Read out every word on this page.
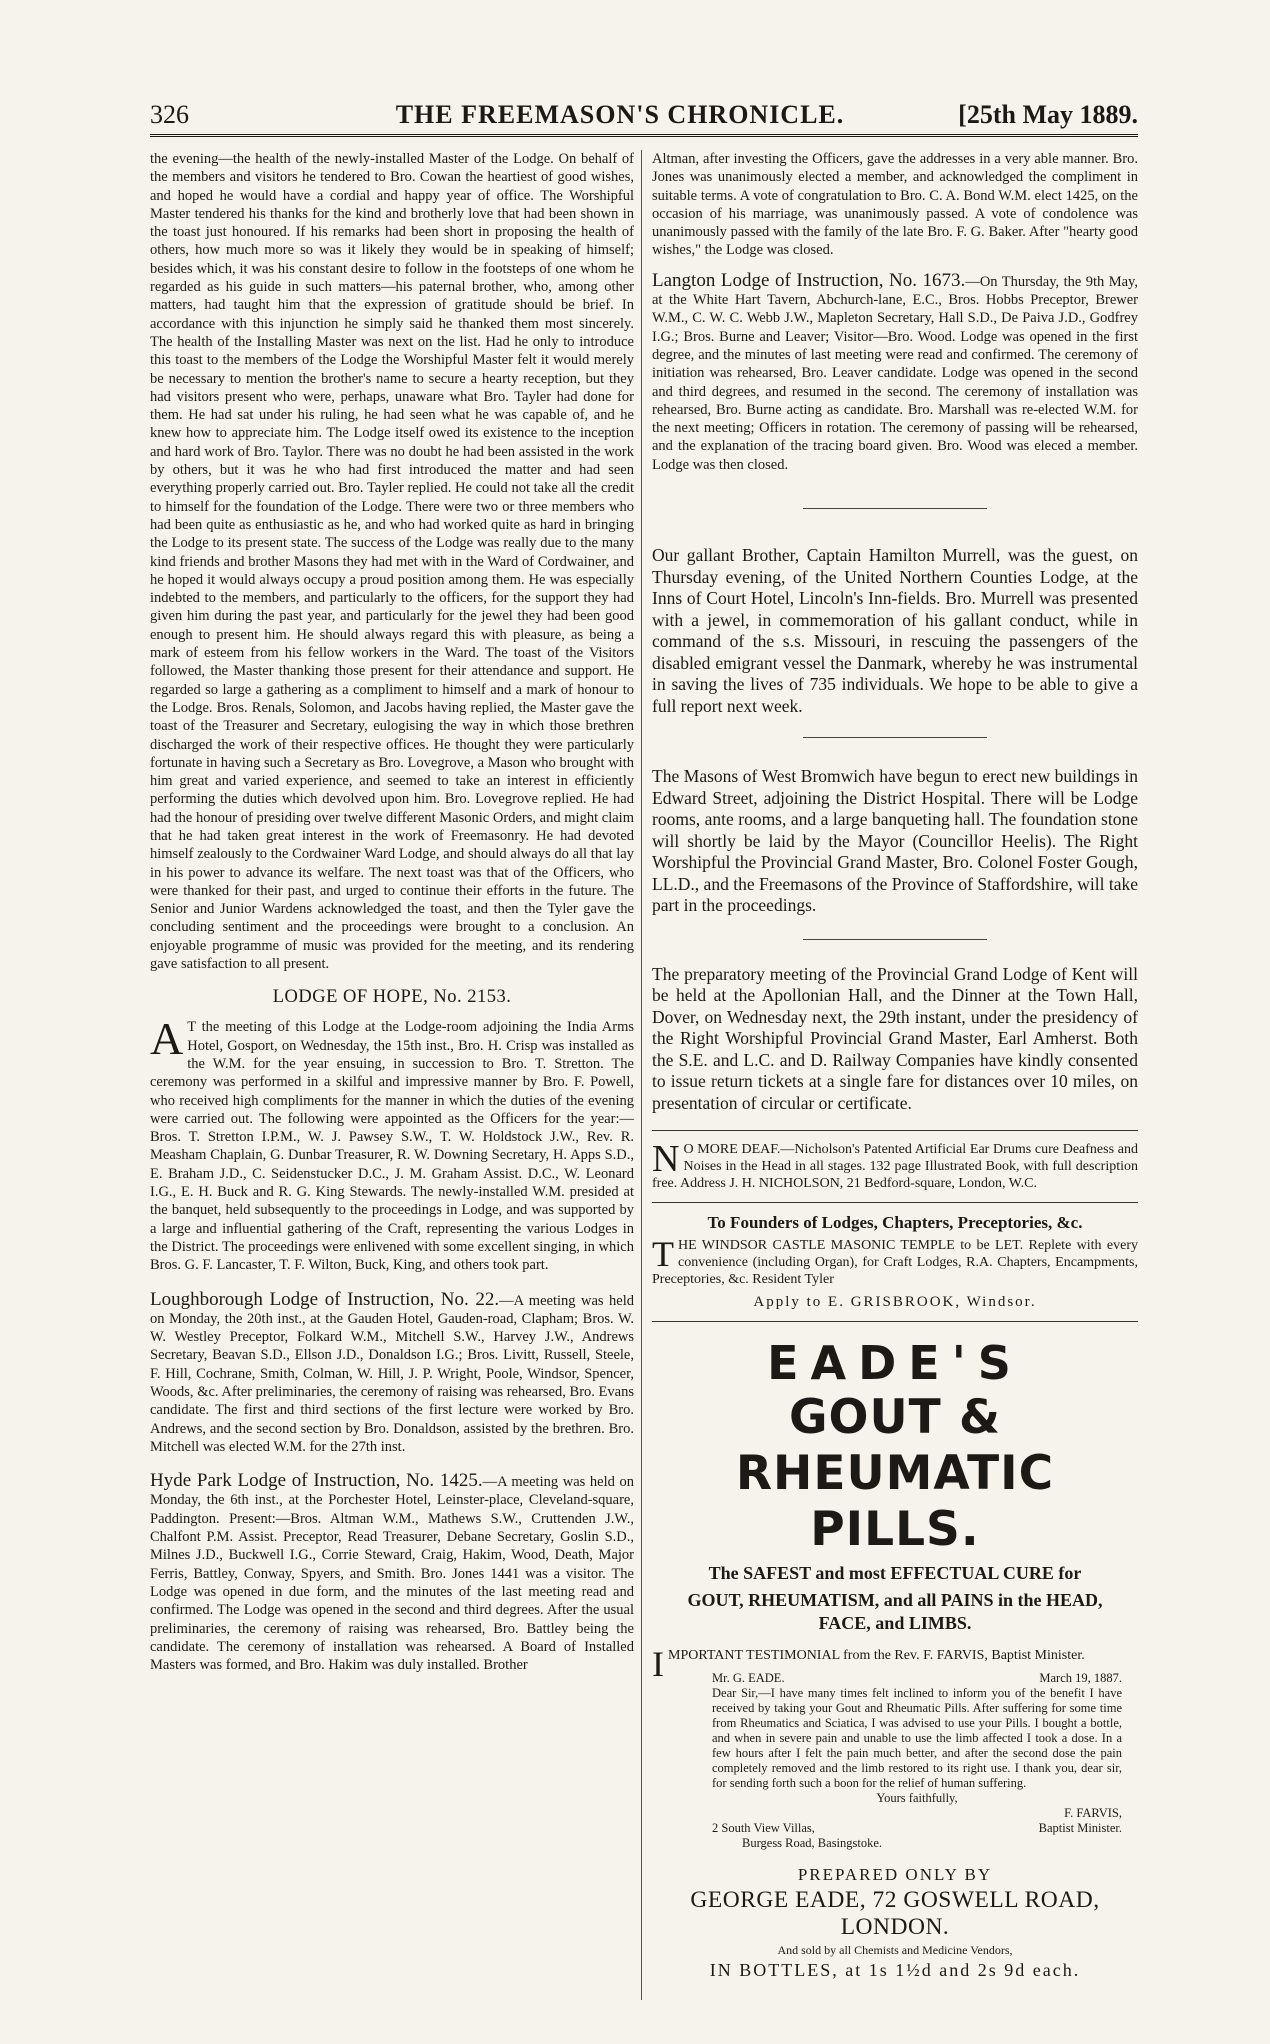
326	THE FREEMASON'S CHRONICLE.	[25th May 1889.

the evening—the health of the newly-installed Master of the Lodge. On behalf of the members and visitors he tendered to Bro. Cowan the heartiest of good wishes, and hoped he would have a cordial and happy year of office. The Worshipful Master tendered his thanks for the kind and brotherly love that had been shown in the toast just honoured. If his remarks had been short in proposing the health of others, how much more so was it likely they would be in speaking of himself; besides which, it was his constant desire to follow in the footsteps of one whom he regarded as his guide in such matters—his paternal brother, who, among other matters, had taught him that the expression of gratitude should be brief. In accordance with this injunction he simply said he thanked them most sincerely. The health of the Installing Master was next on the list. Had he only to introduce this toast to the members of the Lodge the Worshipful Master felt it would merely be necessary to mention the brother's name to secure a hearty reception, but they had visitors present who were, perhaps, unaware what Bro. Tayler had done for them. He had sat under his ruling, he had seen what he was capable of, and he knew how to appreciate him. The Lodge itself owed its existence to the inception and hard work of Bro. Taylor. There was no doubt he had been assisted in the work by others, but it was he who had first introduced the matter and had seen everything properly carried out. Bro. Tayler replied. He could not take all the credit to himself for the foundation of the Lodge. There were two or three members who had been quite as enthusiastic as he, and who had worked quite as hard in bringing the Lodge to its present state. The success of the Lodge was really due to the many kind friends and brother Masons they had met with in the Ward of Cordwainer, and he hoped it would always occupy a proud position among them. He was especially indebted to the members, and particularly to the officers, for the support they had given him during the past year, and particularly for the jewel they had been good enough to present him. He should always regard this with pleasure, as being a mark of esteem from his fellow workers in the Ward. The toast of the Visitors followed, the Master thanking those present for their attendance and support. He regarded so large a gathering as a compliment to himself and a mark of honour to the Lodge. Bros. Renals, Solomon, and Jacobs having replied, the Master gave the toast of the Treasurer and Secretary, eulogising the way in which those brethren discharged the work of their respective offices. He thought they were particularly fortunate in having such a Secretary as Bro. Lovegrove, a Mason who brought with him great and varied experience, and seemed to take an interest in efficiently performing the duties which devolved upon him. Bro. Lovegrove replied. He had had the honour of presiding over twelve different Masonic Orders, and might claim that he had taken great interest in the work of Freemasonry. He had devoted himself zealously to the Cordwainer Ward Lodge, and should always do all that lay in his power to advance its welfare. The next toast was that of the Officers, who were thanked for their past, and urged to continue their efforts in the future. The Senior and Junior Wardens acknowledged the toast, and then the Tyler gave the concluding sentiment and the proceedings were brought to a conclusion. An enjoyable programme of music was provided for the meeting, and its rendering gave satisfaction to all present.

LODGE OF HOPE, No. 2153.

A T the meeting of this Lodge at the Lodge-room adjoining the India Arms Hotel, Gosport, on Wednesday, the 15th inst., Bro. H. Crisp was installed as the W.M. for the year ensuing, in succession to Bro. T. Stretton. The ceremony was performed in a skilful and impressive manner by Bro. F. Powell, who received high compliments for the manner in which the duties of the evening were carried out. The following were appointed as the Officers for the year:—Bros. T. Stretton I.P.M., W. J. Pawsey S.W., T. W. Holdstock J.W., Rev. R. Measham Chaplain, G. Dunbar Treasurer, R. W. Downing Secretary, H. Apps S.D., E. Braham J.D., C. Seidenstucker D.C., J. M. Graham Assist. D.C., W. Leonard I.G., E. H. Buck and R. G. King Stewards. The newly-installed W.M. presided at the banquet, held subsequently to the proceedings in Lodge, and was supported by a large and influential gathering of the Craft, representing the various Lodges in the District. The proceedings were enlivened with some excellent singing, in which Bros. G. F. Lancaster, T. F. Wilton, Buck, King, and others took part.

Loughborough Lodge of Instruction, No. 22.—A meeting was held on Monday, the 20th inst., at the Gauden Hotel, Gauden-road, Clapham; Bros. W. W. Westley Preceptor, Folkard W.M., Mitchell S.W., Harvey J.W., Andrews Secretary, Beavan S.D., Ellson J.D., Donaldson I.G.; Bros. Livitt, Russell, Steele, F. Hill, Cochrane, Smith, Colman, W. Hill, J. P. Wright, Poole, Windsor, Spencer, Woods, &c. After preliminaries, the ceremony of raising was rehearsed, Bro. Evans candidate. The first and third sections of the first lecture were worked by Bro. Andrews, and the second section by Bro. Donaldson, assisted by the brethren. Bro. Mitchell was elected W.M. for the 27th inst.

Hyde Park Lodge of Instruction, No. 1425.—A meeting was held on Monday, the 6th inst., at the Porchester Hotel, Leinster-place, Cleveland-square, Paddington. Present:—Bros. Altman W.M., Mathews S.W., Cruttenden J.W., Chalfont P.M. Assist. Preceptor, Read Treasurer, Debane Secretary, Goslin S.D., Milnes J.D., Buckwell I.G., Corrie Steward, Craig, Hakim, Wood, Death, Major Ferris, Battley, Conway, Spyers, and Smith. Bro. Jones 1441 was a visitor. The Lodge was opened in due form, and the minutes of the last meeting read and confirmed. The Lodge was opened in the second and third degrees. After the usual preliminaries, the ceremony of raising was rehearsed, Bro. Battley being the candidate. The ceremony of installation was rehearsed. A Board of Installed Masters was formed, and Bro. Hakim was duly installed. Brother

Altman, after investing the Officers, gave the addresses in a very able manner. Bro. Jones was unanimously elected a member, and acknowledged the compliment in suitable terms. A vote of congratulation to Bro. C. A. Bond W.M. elect 1425, on the occasion of his marriage, was unanimously passed. A vote of condolence was unanimously passed with the family of the late Bro. F. G. Baker. After "hearty good wishes," the Lodge was closed.

Langton Lodge of Instruction, No. 1673.—On Thursday, the 9th May, at the White Hart Tavern, Abchurch-lane, E.C., Bros. Hobbs Preceptor, Brewer W.M., C. W. C. Webb J.W., Mapleton Secretary, Hall S.D., De Paiva J.D., Godfrey I.G.; Bros. Burne and Leaver; Visitor—Bro. Wood. Lodge was opened in the first degree, and the minutes of last meeting were read and confirmed. The ceremony of initiation was rehearsed, Bro. Leaver candidate. Lodge was opened in the second and third degrees, and resumed in the second. The ceremony of installation was rehearsed, Bro. Burne acting as candidate. Bro. Marshall was re-elected W.M. for the next meeting; Officers in rotation. The ceremony of passing will be rehearsed, and the explanation of the tracing board given. Bro. Wood was eleced a member. Lodge was then closed.

Our gallant Brother, Captain Hamilton Murrell, was the guest, on Thursday evening, of the United Northern Counties Lodge, at the Inns of Court Hotel, Lincoln's Inn-fields. Bro. Murrell was presented with a jewel, in commemoration of his gallant conduct, while in command of the s.s. Missouri, in rescuing the passengers of the disabled emigrant vessel the Danmark, whereby he was instrumental in saving the lives of 735 individuals. We hope to be able to give a full report next week.

The Masons of West Bromwich have begun to erect new buildings in Edward Street, adjoining the District Hospital. There will be Lodge rooms, ante rooms, and a large banqueting hall. The foundation stone will shortly be laid by the Mayor (Councillor Heelis). The Right Worshipful the Provincial Grand Master, Bro. Colonel Foster Gough, LL.D., and the Freemasons of the Province of Staffordshire, will take part in the proceedings.

The preparatory meeting of the Provincial Grand Lodge of Kent will be held at the Apollonian Hall, and the Dinner at the Town Hall, Dover, on Wednesday next, the 29th instant, under the presidency of the Right Worshipful Provincial Grand Master, Earl Amherst. Both the S.E. and L.C. and D. Railway Companies have kindly consented to issue return tickets at a single fare for distances over 10 miles, on presentation of circular or certificate.

N O MORE DEAF.—Nicholson's Patented Artificial Ear Drums cure Deafness and Noises in the Head in all stages. 132 page Illustrated Book, with full description free. Address J. H. NICHOLSON, 21 Bedford-square, London, W.C.

To Founders of Lodges, Chapters, Preceptories, &c.

THE WINDSOR CASTLE MASONIC TEMPLE to be LET. Replete with every convenience (including Organ), for Craft Lodges, R.A. Chapters, Encampments, Preceptories, &c. Resident Tyler

Apply to E. GRISBROOK, Windsor.

EADE'S

GOUT & RHEUMATIC PILLS.

The SAFEST and most EFFECTUAL CURE for

GOUT, RHEUMATISM, and all PAINS in the HEAD,

FACE, and LIMBS.

IMPORTANT TESTIMONIAL from the Rev. F. FARVIS, Baptist Minister.

Mr. G. EADE.	March 19, 1887.
Dear Sir,—I have many times felt inclined to inform you of the benefit I have received by taking your Gout and Rheumatic Pills. After suffering for some time from Rheumatics and Sciatica, I was advised to use your Pills. I bought a bottle, and when in severe pain and unable to use the limb affected I took a dose. In a few hours after I felt the pain much better, and after the second dose the pain completely removed and the limb restored to its right use. I thank you, dear sir, for sending forth such a boon for the relief of human suffering.
Yours faithfully,
F. FARVIS,
2 South View Villas,	Baptist Minister.
Burgess Road, Basingstoke.

PREPARED ONLY BY

GEORGE EADE, 72 GOSWELL ROAD, LONDON.

And sold by all Chemists and Medicine Vendors,

IN BOTTLES, at 1s 1½d and 2s 9d each.
